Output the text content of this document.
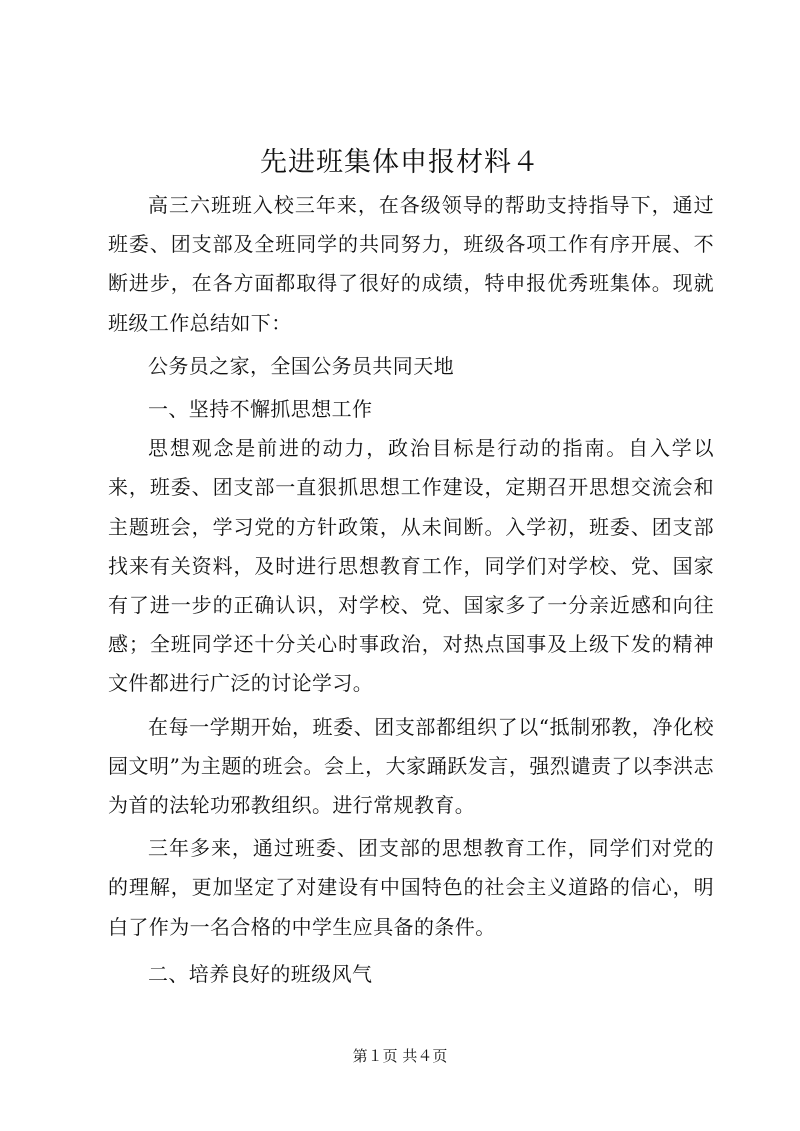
先进班集体申报材料４

高三六班班入校三年来，在各级领导的帮助支持指导下，通过班委、团支部及全班同学的共同努力，班级各项工作有序开展、不断进步，在各方面都取得了很好的成绩，特申报优秀班集体。现就班级工作总结如下：

公务员之家，全国公务员共同天地

一、坚持不懈抓思想工作

思想观念是前进的动力，政治目标是行动的指南。自入学以来，班委、团支部一直狠抓思想工作建设，定期召开思想交流会和主题班会，学习党的方针政策，从未间断。入学初，班委、团支部找来有关资料，及时进行思想教育工作，同学们对学校、党、国家有了进一步的正确认识，对学校、党、国家多了一分亲近感和向往感；全班同学还十分关心时事政治，对热点国事及上级下发的精神文件都进行广泛的讨论学习。

在每一学期开始，班委、团支部都组织了以“抵制邪教，净化校园文明”为主题的班会。会上，大家踊跃发言，强烈谴责了以李洪志为首的法轮功邪教组织。进行常规教育。

三年多来，通过班委、团支部的思想教育工作，同学们对党的的理解，更加坚定了对建设有中国特色的社会主义道路的信心，明白了作为一名合格的中学生应具备的条件。

二、培养良好的班级风气

第１页 共４页
